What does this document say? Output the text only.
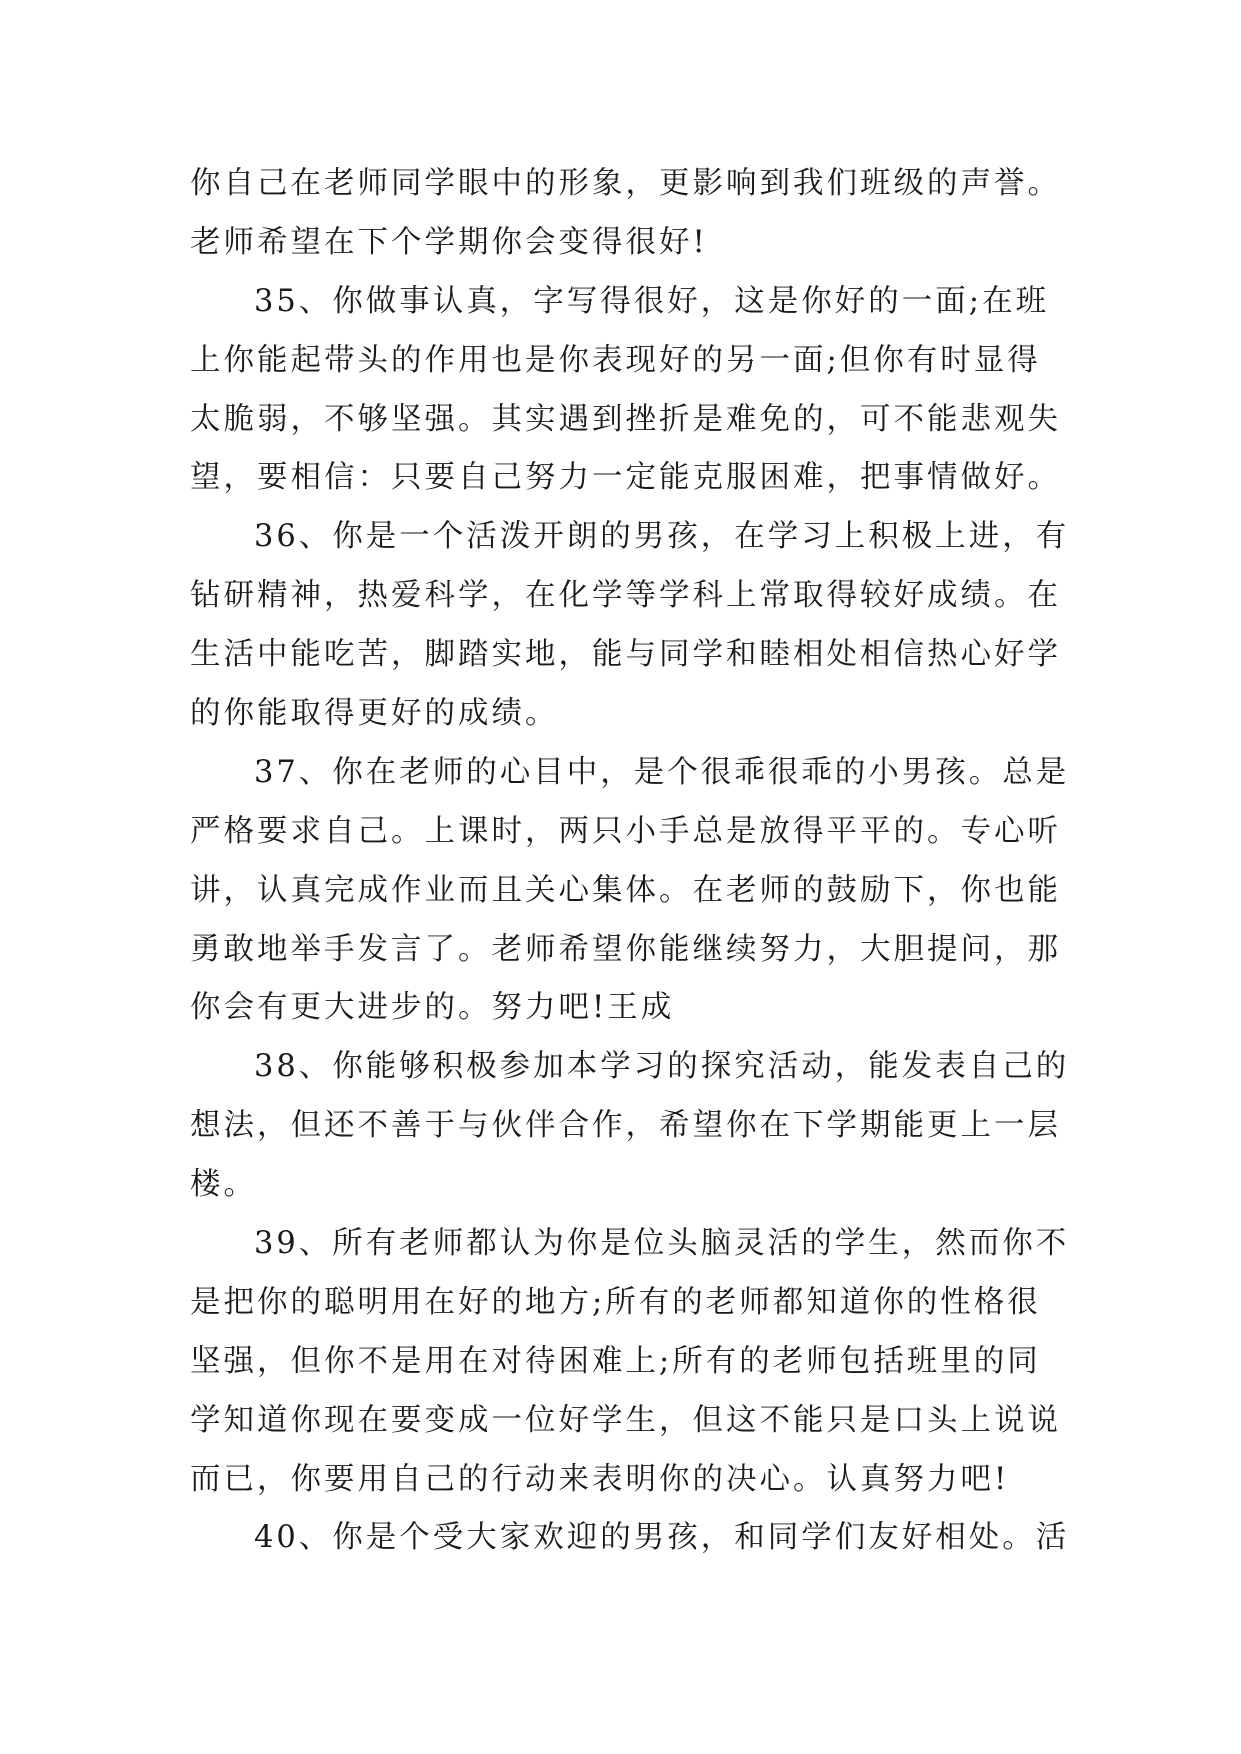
你自己在老师同学眼中的形象，更影响到我们班级的声誉。
老师希望在下个学期你会变得很好!
35、你做事认真，字写得很好，这是你好的一面;在班
上你能起带头的作用也是你表现好的另一面;但你有时显得
太脆弱，不够坚强。其实遇到挫折是难免的，可不能悲观失
望，要相信：只要自己努力一定能克服困难，把事情做好。
36、你是一个活泼开朗的男孩，在学习上积极上进，有
钻研精神，热爱科学，在化学等学科上常取得较好成绩。在
生活中能吃苦，脚踏实地，能与同学和睦相处相信热心好学
的你能取得更好的成绩。
37、你在老师的心目中，是个很乖很乖的小男孩。总是
严格要求自己。上课时，两只小手总是放得平平的。专心听
讲，认真完成作业而且关心集体。在老师的鼓励下，你也能
勇敢地举手发言了。老师希望你能继续努力，大胆提问，那
你会有更大进步的。努力吧!王成
38、你能够积极参加本学习的探究活动，能发表自己的
想法，但还不善于与伙伴合作，希望你在下学期能更上一层
楼。
39、所有老师都认为你是位头脑灵活的学生，然而你不
是把你的聪明用在好的地方;所有的老师都知道你的性格很
坚强，但你不是用在对待困难上;所有的老师包括班里的同
学知道你现在要变成一位好学生，但这不能只是口头上说说
而已，你要用自己的行动来表明你的决心。认真努力吧!
40、你是个受大家欢迎的男孩，和同学们友好相处。活
